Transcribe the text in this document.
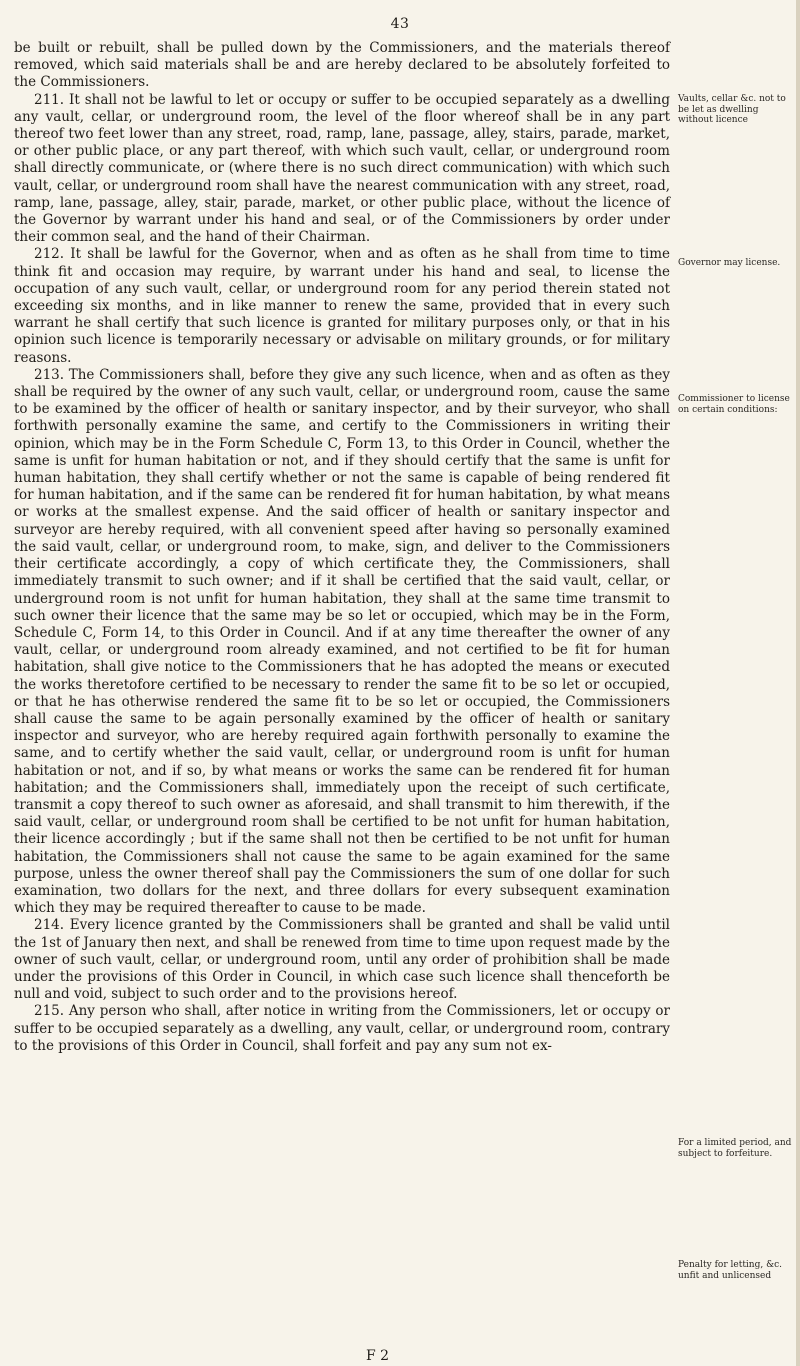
43

be built or rebuilt, shall be pulled down by the Commissioners, and the materials thereof removed, which said materials shall be and are hereby declared to be absolutely forfeited to the Commissioners.

211. It shall not be lawful to let or occupy or suffer to be occupied separately as a dwelling any vault, cellar, or underground room, the level of the floor whereof shall be in any part thereof two feet lower than any street, road, ramp, lane, passage, alley, stairs, parade, market, or other public place, or any part thereof, with which such vault, cellar, or underground room shall directly communicate, or (where there is no such direct communication) with which such vault, cellar, or underground room shall have the nearest communication with any street, road, ramp, lane, passage, alley, stair, parade, market, or other public place, without the licence of the Governor by warrant under his hand and seal, or of the Commissioners by order under their common seal, and the hand of their Chairman.

212. It shall be lawful for the Governor, when and as often as he shall from time to time think fit and occasion may require, by warrant under his hand and seal, to license the occupation of any such vault, cellar, or underground room for any period therein stated not exceeding six months, and in like manner to renew the same, provided that in every such warrant he shall certify that such licence is granted for military purposes only, or that in his opinion such licence is temporarily necessary or advisable on military grounds, or for military reasons.

213. The Commissioners shall, before they give any such licence, when and as often as they shall be required by the owner of any such vault, cellar, or underground room, cause the same to be examined by the officer of health or sanitary inspector, and by their surveyor, who shall forthwith personally examine the same, and certify to the Commissioners in writing their opinion, which may be in the Form Schedule C, Form 13, to this Order in Council, whether the same is unfit for human habitation or not, and if they should certify that the same is unfit for human habitation, they shall certify whether or not the same is capable of being rendered fit for human habitation, and if the same can be rendered fit for human habitation, by what means or works at the smallest expense. And the said officer of health or sanitary inspector and surveyor are hereby required, with all convenient speed after having so personally examined the said vault, cellar, or underground room, to make, sign, and deliver to the Commissioners their certificate accordingly, a copy of which certificate they, the Commissioners, shall immediately transmit to such owner; and if it shall be certified that the said vault, cellar, or underground room is not unfit for human habitation, they shall at the same time transmit to such owner their licence that the same may be so let or occupied, which may be in the Form, Schedule C, Form 14, to this Order in Council. And if at any time thereafter the owner of any vault, cellar, or underground room already examined, and not certified to be fit for human habitation, shall give notice to the Commissioners that he has adopted the means or executed the works theretofore certified to be necessary to render the same fit to be so let or occupied, or that he has otherwise rendered the same fit to be so let or occupied, the Commissioners shall cause the same to be again personally examined by the officer of health or sanitary inspector and surveyor, who are hereby required again forthwith personally to examine the same, and to certify whether the said vault, cellar, or underground room is unfit for human habitation or not, and if so, by what means or works the same can be rendered fit for human habitation; and the Commissioners shall, immediately upon the receipt of such certificate, transmit a copy thereof to such owner as aforesaid, and shall transmit to him therewith, if the said vault, cellar, or underground room shall be certified to be not unfit for human habitation, their licence accordingly ; but if the same shall not then be certified to be not unfit for human habitation, the Commissioners shall not cause the same to be again examined for the same purpose, unless the owner thereof shall pay the Commissioners the sum of one dollar for such examination, two dollars for the next, and three dollars for every subsequent examination which they may be required thereafter to cause to be made.

214. Every licence granted by the Commissioners shall be granted and shall be valid until the 1st of January then next, and shall be renewed from time to time upon request made by the owner of such vault, cellar, or underground room, until any order of prohibition shall be made under the provisions of this Order in Council, in which case such licence shall thenceforth be null and void, subject to such order and to the provisions hereof.

215. Any person who shall, after notice in writing from the Commissioners, let or occupy or suffer to be occupied separately as a dwelling, any vault, cellar, or underground room, contrary to the provisions of this Order in Council, shall forfeit and pay any sum not ex-

Vaults, cellar &c. not to be let as dwelling without licence
Governor may license.
Commissioner to license on certain conditions:
For a limited period, and subject to forfeiture.
Penalty for letting, &c. unfit and unlicensed
F 2
